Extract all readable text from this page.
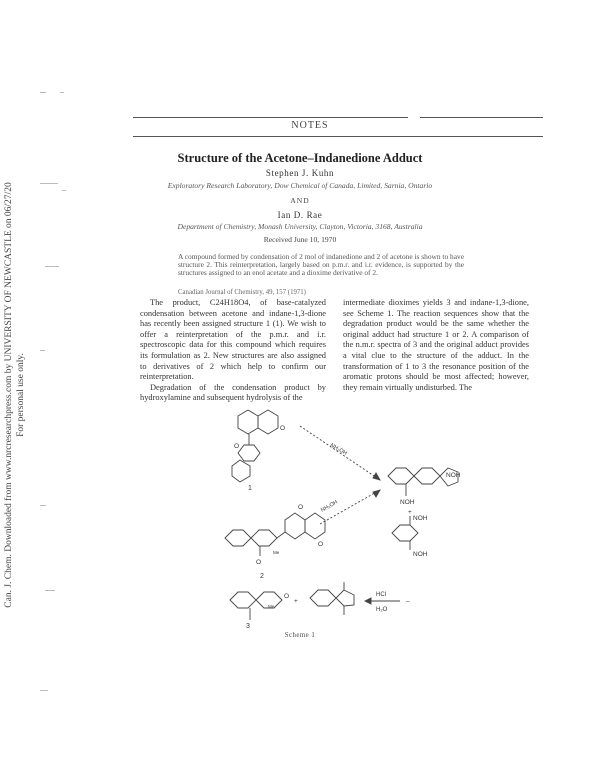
Can. J. Chem. Downloaded from www.nrcresearchpress.com by UNIVERSITY OF NEWCASTLE on 06/27/20 For personal use only.
NOTES
Structure of the Acetone–Indanedione Adduct
Stephen J. Kuhn
Exploratory Research Laboratory, Dow Chemical of Canada, Limited, Sarnia, Ontario
AND
Ian D. Rae
Department of Chemistry, Monash University, Clayton, Victoria, 3168, Australia
Received June 10, 1970
A compound formed by condensation of 2 mol of indanedione and 2 of acetone is shown to have structure 2. This reinterpretation, largely based on p.m.r. and i.r. evidence, is supported by the structures assigned to an enol acetate and a dioxime derivative of 2.
Canadian Journal of Chemistry, 49, 157 (1971)

The product, C24H18O4, of base-catalyzed condensation between acetone and indane-1,3-dione has recently been assigned structure 1 (1). We wish to offer a reinterpretation of the p.m.r. and i.r. spectroscopic data for this compound which requires its formulation as 2. New structures are also assigned to derivatives of 2 which help to confirm our reinterpretation.

Degradation of the condensation product by hydroxylamine and subsequent hydrolysis of the

intermediate dioximes yields 3 and indane-1,3-dione, see Scheme 1. The reaction sequences show that the degradation product would be the same whether the original adduct had structure 1 or 2. A comparison of the n.m.r. spectra of 3 and the original adduct provides a vital clue to the structure of the adduct. In the transformation of 1 to 3 the resonance position of the aromatic protons should be most affected; however, they remain virtually undisturbed. The

O
O
1
NH₂OH
NH₂OH
O
O
O
Me
2
NOH
NOH
+
NOH
NOH
O
Me
3
+	–
HCl
H₂O
Scheme 1
